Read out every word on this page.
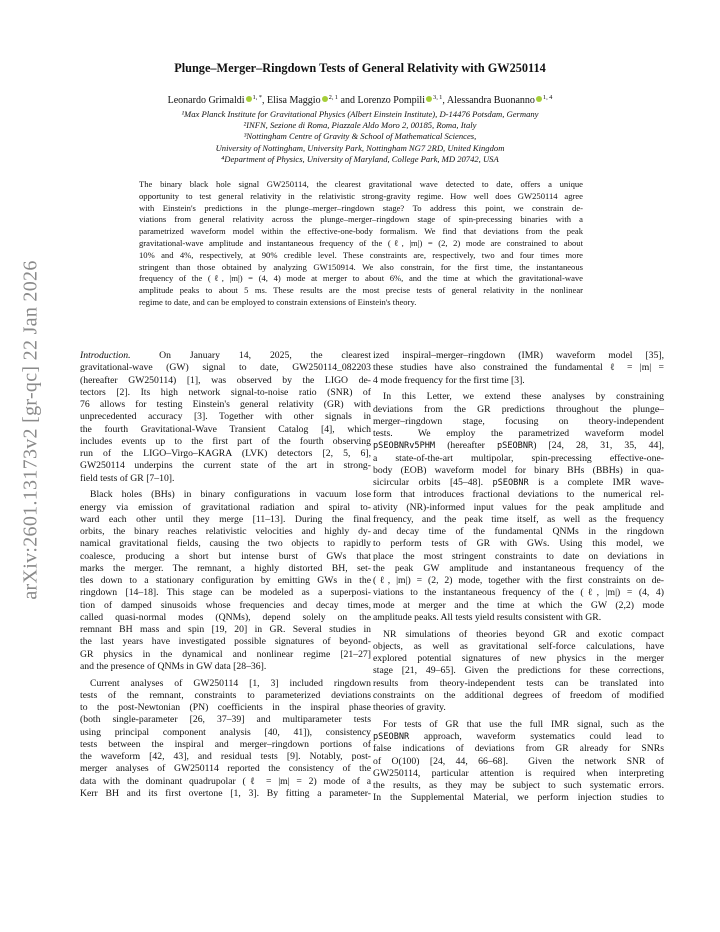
arXiv:2601.13173v2 [gr-qc] 22 Jan 2026
Plunge–Merger–Ringdown Tests of General Relativity with GW250114
Leonardo Grimaldi $^{1, *}$, Elisa Maggio $^{2, 1}$ and Lorenzo Pompili $^{3, 1}$, Alessandra Buonanno $^{1, 4}$
¹Max Planck Institute for Gravitational Physics (Albert Einstein Institute), D-14476 Potsdam, Germany
²INFN, Sezione di Roma, Piazzale Aldo Moro 2, 00185, Roma, Italy
³Nottingham Centre of Gravity & School of Mathematical Sciences,
University of Nottingham, University Park, Nottingham NG7 2RD, United Kingdom
⁴Department of Physics, University of Maryland, College Park, MD 20742, USA
The binary black hole signal GW250114, the clearest gravitational wave detected to date, offers a unique
opportunity to test general relativity in the relativistic strong-gravity regime. How well does GW250114 agree
with Einstein's predictions in the plunge–merger–ringdown stage? To address this point, we constrain de-
viations from general relativity across the plunge–merger–ringdown stage of spin-precessing binaries with a
parametrized waveform model within the effective-one-body formalism. We find that deviations from the peak
gravitational-wave amplitude and instantaneous frequency of the (ℓ, |m|) = (2, 2) mode are constrained to about
10% and 4%, respectively, at 90% credible level. These constraints are, respectively, two and four times more
stringent than those obtained by analyzing GW150914. We also constrain, for the first time, the instantaneous
frequency of the (ℓ, |m|) = (4, 4) mode at merger to about 6%, and the time at which the gravitational-wave
amplitude peaks to about 5 ms. These results are the most precise tests of general relativity in the nonlinear
regime to date, and can be employed to constrain extensions of Einstein's theory.
Introduction.  On January 14, 2025, the clearest
gravitational-wave (GW) signal to date, GW250114_082203
(hereafter GW250114) [1], was observed by the LIGO de-
tectors [2]. Its high network signal-to-noise ratio (SNR) of
76 allows for testing Einstein's general relativity (GR) with
unprecedented accuracy [3]. Together with other signals in
the fourth Gravitational-Wave Transient Catalog [4], which
includes events up to the first part of the fourth observing
run of the LIGO–Virgo–KAGRA (LVK) detectors [2, 5, 6],
GW250114 underpins the current state of the art in strong-
field tests of GR [7–10].
Black holes (BHs) in binary configurations in vacuum lose
energy via emission of gravitational radiation and spiral to-
ward each other until they merge [11–13]. During the final
orbits, the binary reaches relativistic velocities and highly dy-
namical gravitational fields, causing the two objects to rapidly
coalesce, producing a short but intense burst of GWs that
marks the merger. The remnant, a highly distorted BH, set-
tles down to a stationary configuration by emitting GWs in the
ringdown [14–18]. This stage can be modeled as a superposi-
tion of damped sinusoids whose frequencies and decay times,
called quasi-normal modes (QNMs), depend solely on the
remnant BH mass and spin [19, 20] in GR. Several studies in
the last years have investigated possible signatures of beyond-
GR physics in the dynamical and nonlinear regime [21–27]
and the presence of QNMs in GW data [28–36].
Current analyses of GW250114 [1, 3] included ringdown
tests of the remnant, constraints to parameterized deviations
to the post-Newtonian (PN) coefficients in the inspiral phase
(both single-parameter [26, 37–39] and multiparameter tests
using principal component analysis [40, 41]), consistency
tests between the inspiral and merger–ringdown portions of
the waveform [42, 43], and residual tests [9]. Notably, post-
merger analyses of GW250114 reported the consistency of the
data with the dominant quadrupolar (ℓ = |m| = 2) mode of a
Kerr BH and its first overtone [1, 3]. By fitting a parameter-
ized inspiral–merger–ringdown (IMR) waveform model [35],
these studies have also constrained the fundamental ℓ = |m| =
4 mode frequency for the first time [3].
In this Letter, we extend these analyses by constraining
deviations from the GR predictions throughout the plunge–
merger–ringdown stage, focusing on theory-independent
tests.  We employ the parametrized waveform model
pSEOBNRv5PHM (hereafter pSEOBNR) [24, 28, 31, 35, 44],
a state-of-the-art multipolar, spin-precessing effective-one-
body (EOB) waveform model for binary BHs (BBHs) in qua-
sicircular orbits [45–48]. pSEOBNR is a complete IMR wave-
form that introduces fractional deviations to the numerical rel-
ativity (NR)-informed input values for the peak amplitude and
frequency, and the peak time itself, as well as the frequency
and decay time of the fundamental QNMs in the ringdown
to perform tests of GR with GWs. Using this model, we
place the most stringent constraints to date on deviations in
the peak GW amplitude and instantaneous frequency of the
(ℓ, |m|) = (2, 2) mode, together with the first constraints on de-
viations to the instantaneous frequency of the (ℓ, |m|) = (4, 4)
mode at merger and the time at which the GW (2,2) mode
amplitude peaks. All tests yield results consistent with GR.
NR simulations of theories beyond GR and exotic compact
objects, as well as gravitational self-force calculations, have
explored potential signatures of new physics in the merger
stage [21, 49–65]. Given the predictions for these corrections,
results from theory-independent tests can be translated into
constraints on the additional degrees of freedom of modified
theories of gravity.
For tests of GR that use the full IMR signal, such as the
pSEOBNR approach, waveform systematics could lead to
false indications of deviations from GR already for SNRs
of O(100) [24, 44, 66–68].  Given the network SNR of
GW250114, particular attention is required when interpreting
the results, as they may be subject to such systematic errors.
In the Supplemental Material, we perform injection studies to
